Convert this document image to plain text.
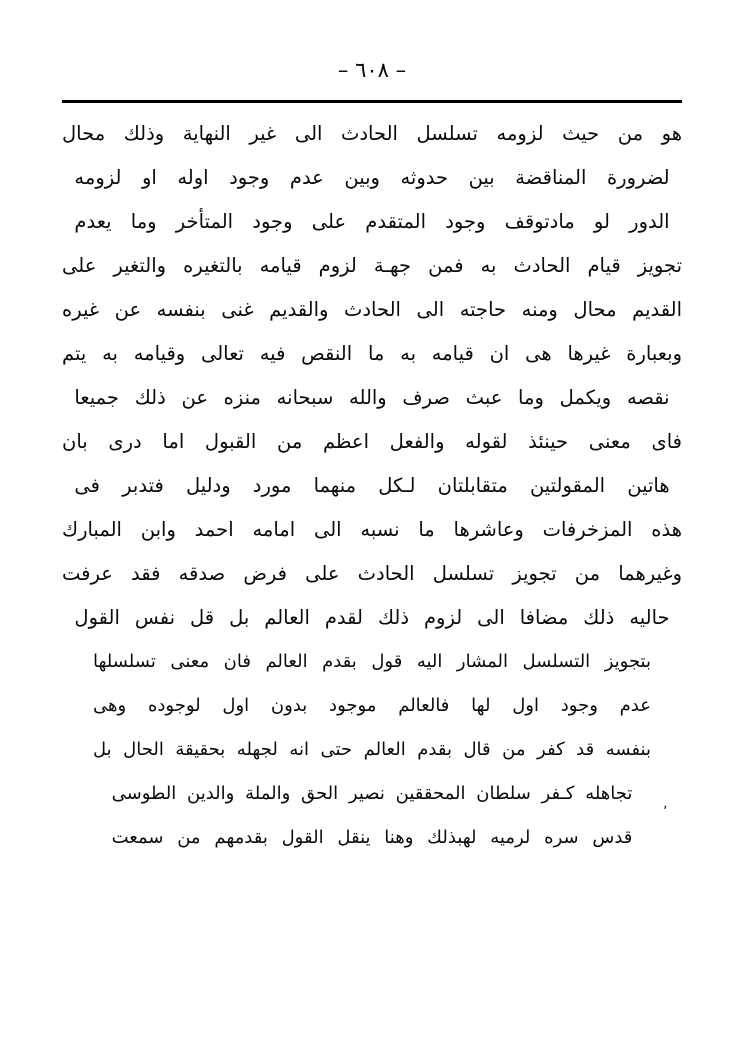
– ٦٠٨ –
هو من حيث لزومه تسلسل الحادث الى غير النهاية وذلك محال
لضرورة المناقضة بين حدوثه وبين عدم وجود اوله او لزومه
الدور لو مادتوقف وجود المتقدم على وجود المتأخر وما يعدم
تجويز قيام الحادث به فمن جهـة لزوم قيامه بالتغيره والتغير على
القديم محال ومنه حاجته الى الحادث والقديم غنى بنفسه عن غيره
وبعبارة غيرها هى ان قيامه به ما النقص فيه تعالى وقيامه به يتم
نقصه ويكمل وما عبث صرف والله سبحانه منزه عن ذلك جميعا
فاى معنى حينئذ لقوله والفعل اعظم من القبول اما درى بان
هاتين المقولتين متقابلتان لـكل منهما مورد ودليل فتدبر فى
هذه المزخرفات وعاشرها ما نسبه الى امامه احمد وابن المبارك
وغيرهما من تجويز تسلسل الحادث على فرض صدقه فقد عرفت
حاليه ذلك مضافا الى لزوم ذلك لقدم العالم بل قل نفس القول
بتجويز التسلسل المشار اليه قول بقدم العالم فان معنى تسلسلها
عدم وجود اول لها فالعالم موجود بدون اول لوجوده وهى
بنفسه قد كفر من قال بقدم العالم حتى انه لجهله بحقيقة الحال بل
تجاهله كـفر سلطان المحققين نصير الحق والملة والدين الطوسى
قدس سره لرميه لهبذلك وهنا ينقل القول بقدمهم من سمعت
ʼ
